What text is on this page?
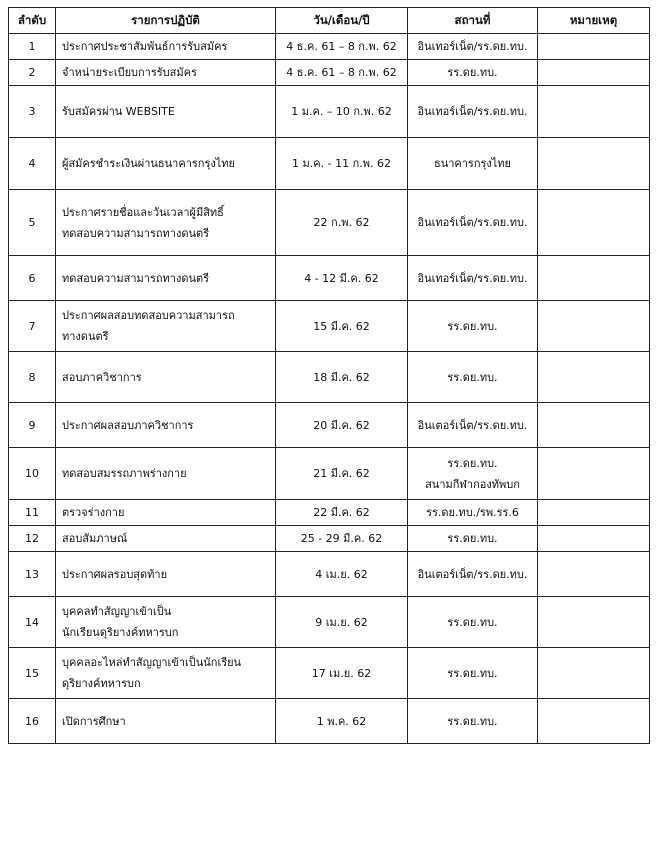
ลำดับ	รายการปฏิบัติ	วัน/เดือน/ปี	สถานที่	หมายเหตุ
1	ประกาศประชาสัมพันธ์การรับสมัคร	4 ธ.ค. 61 – 8 ก.พ. 62	อินเทอร์เน็ต/รร.ดย.ทบ.	

2	จำหน่ายระเบียบการรับสมัคร	4 ธ.ค. 61 – 8 ก.พ. 62	รร.ดย.ทบ.	

3	รับสมัครผ่าน WEBSITE	1 ม.ค. – 10 ก.พ. 62	อินเทอร์เน็ต/รร.ดย.ทบ.	

4	ผู้สมัครชำระเงินผ่านธนาคารกรุงไทย	1 ม.ค. - 11 ก.พ. 62	ธนาคารกรุงไทย	

5	ประกาศรายชื่อและวันเวลาผู้มีสิทธิ์
ทดสอบความสามารถทางดนตรี	22 ก.พ. 62	อินเทอร์เน็ต/รร.ดย.ทบ.	

6	ทดสอบความสามารถทางดนตรี	4 - 12 มี.ค. 62	อินเทอร์เน็ต/รร.ดย.ทบ.	

7	ประกาศผลสอบทดสอบความสามารถ
ทางดนตรี	15 มี.ค. 62	รร.ดย.ทบ.	

8	สอบภาควิชาการ	18 มี.ค. 62	รร.ดย.ทบ.	

9	ประกาศผลสอบภาควิชาการ	20 มี.ค. 62	อินเตอร์เน็ต/รร.ดย.ทบ.	

10	ทดสอบสมรรถภาพร่างกาย	21 มี.ค. 62	รร.ดย.ทบ.
สนามกีฬากองทัพบก	

11	ตรวจร่างกาย	22 มี.ค. 62	รร.ดย.ทบ./รพ.รร.6	

12	สอบสัมภาษณ์	25 - 29 มี.ค. 62	รร.ดย.ทบ.	

13	ประกาศผลรอบสุดท้าย	4 เม.ย. 62	อินเตอร์เน็ต/รร.ดย.ทบ.	

14	บุคคลทำสัญญาเข้าเป็น
นักเรียนดุริยางค์ทหารบก	9 เม.ย. 62	รร.ดย.ทบ.	

15	บุคคลอะไหล่ทำสัญญาเข้าเป็นนักเรียน
ดุริยางค์ทหารบก	17 เม.ย. 62	รร.ดย.ทบ.	

16	เปิดการศึกษา	1 พ.ค. 62	รร.ดย.ทบ.	
